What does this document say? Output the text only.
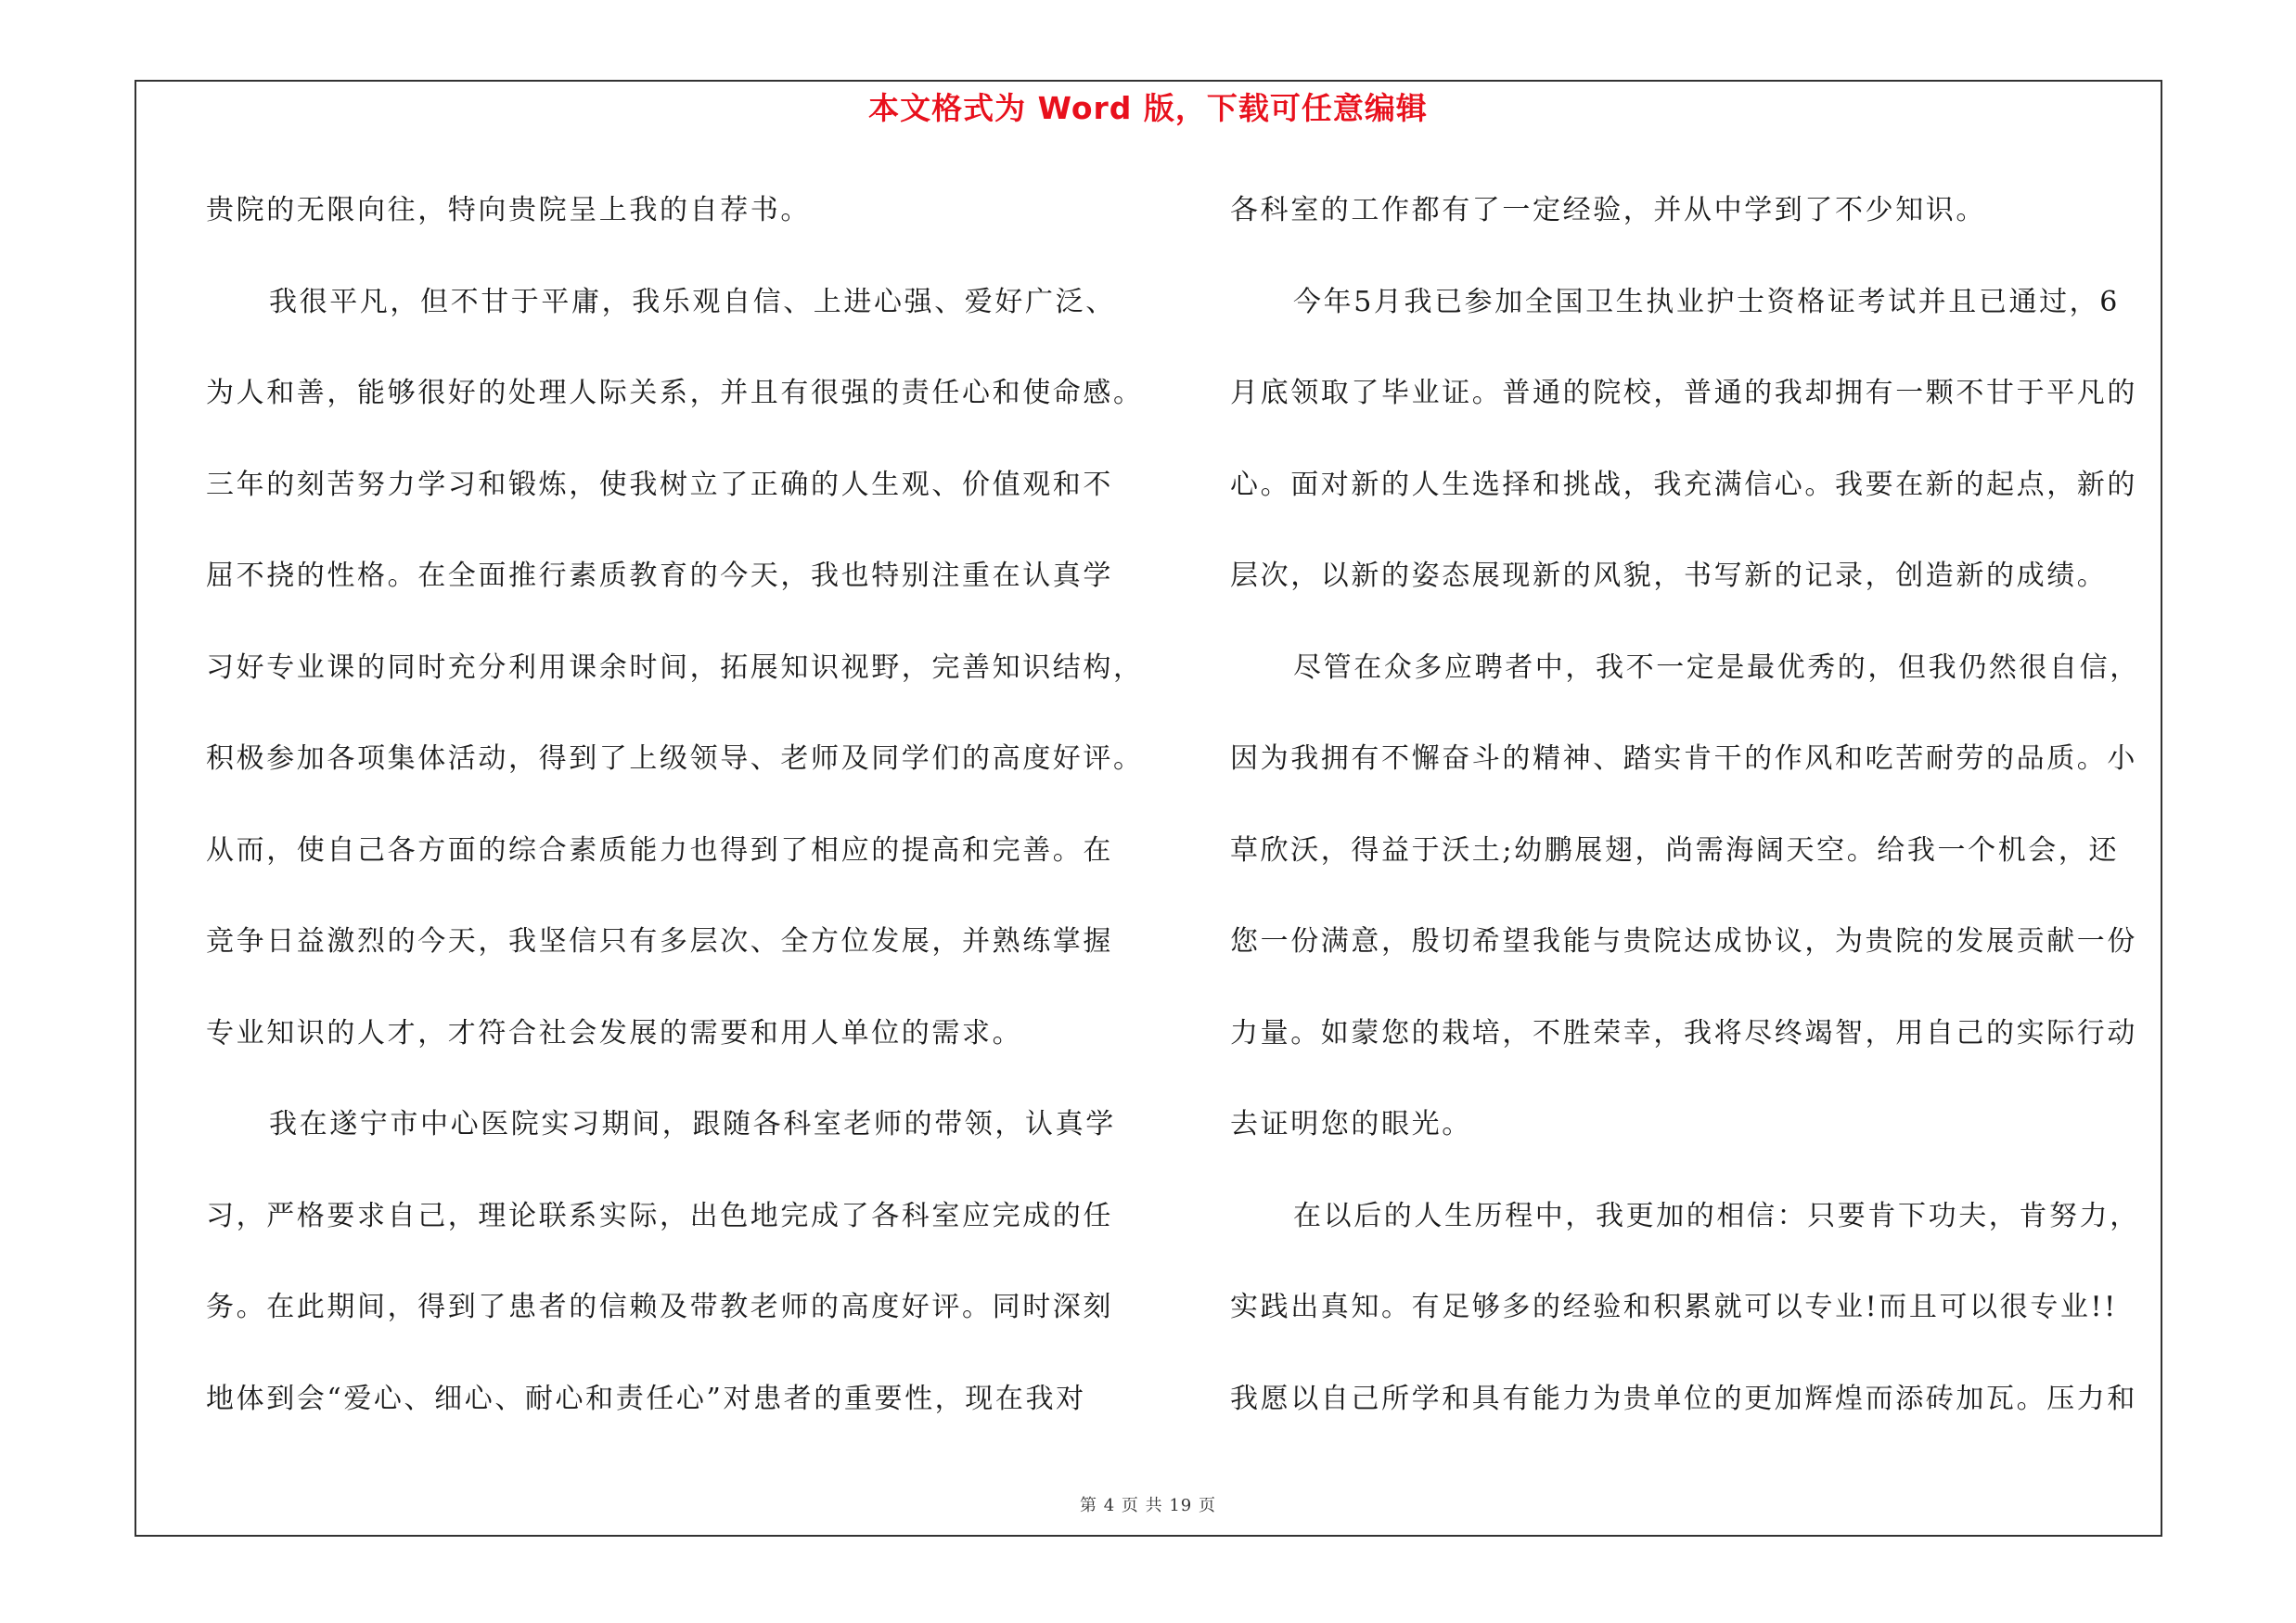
本文格式为 Word 版，下载可任意编辑
贵院的无限向往，特向贵院呈上我的自荐书。
我很平凡，但不甘于平庸，我乐观自信、上进心强、爱好广泛、
为人和善，能够很好的处理人际关系，并且有很强的责任心和使命感。
三年的刻苦努力学习和锻炼，使我树立了正确的人生观、价值观和不
屈不挠的性格。在全面推行素质教育的今天，我也特别注重在认真学
习好专业课的同时充分利用课余时间，拓展知识视野，完善知识结构，
积极参加各项集体活动，得到了上级领导、老师及同学们的高度好评。
从而，使自己各方面的综合素质能力也得到了相应的提高和完善。在
竞争日益激烈的今天，我坚信只有多层次、全方位发展，并熟练掌握
专业知识的人才，才符合社会发展的需要和用人单位的需求。
我在遂宁市中心医院实习期间，跟随各科室老师的带领，认真学
习，严格要求自己，理论联系实际，出色地完成了各科室应完成的任
务。在此期间，得到了患者的信赖及带教老师的高度好评。同时深刻
地体到会“爱心、细心、耐心和责任心”对患者的重要性，现在我对
各科室的工作都有了一定经验，并从中学到了不少知识。
今年5月我已参加全国卫生执业护士资格证考试并且已通过，6
月底领取了毕业证。普通的院校，普通的我却拥有一颗不甘于平凡的
心。面对新的人生选择和挑战，我充满信心。我要在新的起点，新的
层次，以新的姿态展现新的风貌，书写新的记录，创造新的成绩。
尽管在众多应聘者中，我不一定是最优秀的，但我仍然很自信，
因为我拥有不懈奋斗的精神、踏实肯干的作风和吃苦耐劳的品质。小
草欣沃，得益于沃土;幼鹏展翅，尚需海阔天空。给我一个机会，还
您一份满意，殷切希望我能与贵院达成协议，为贵院的发展贡献一份
力量。如蒙您的栽培，不胜荣幸，我将尽终竭智，用自己的实际行动
去证明您的眼光。
在以后的人生历程中，我更加的相信：只要肯下功夫，肯努力，
实践出真知。有足够多的经验和积累就可以专业!而且可以很专业!!
我愿以自己所学和具有能力为贵单位的更加辉煌而添砖加瓦。压力和
第 4 页 共 19 页
